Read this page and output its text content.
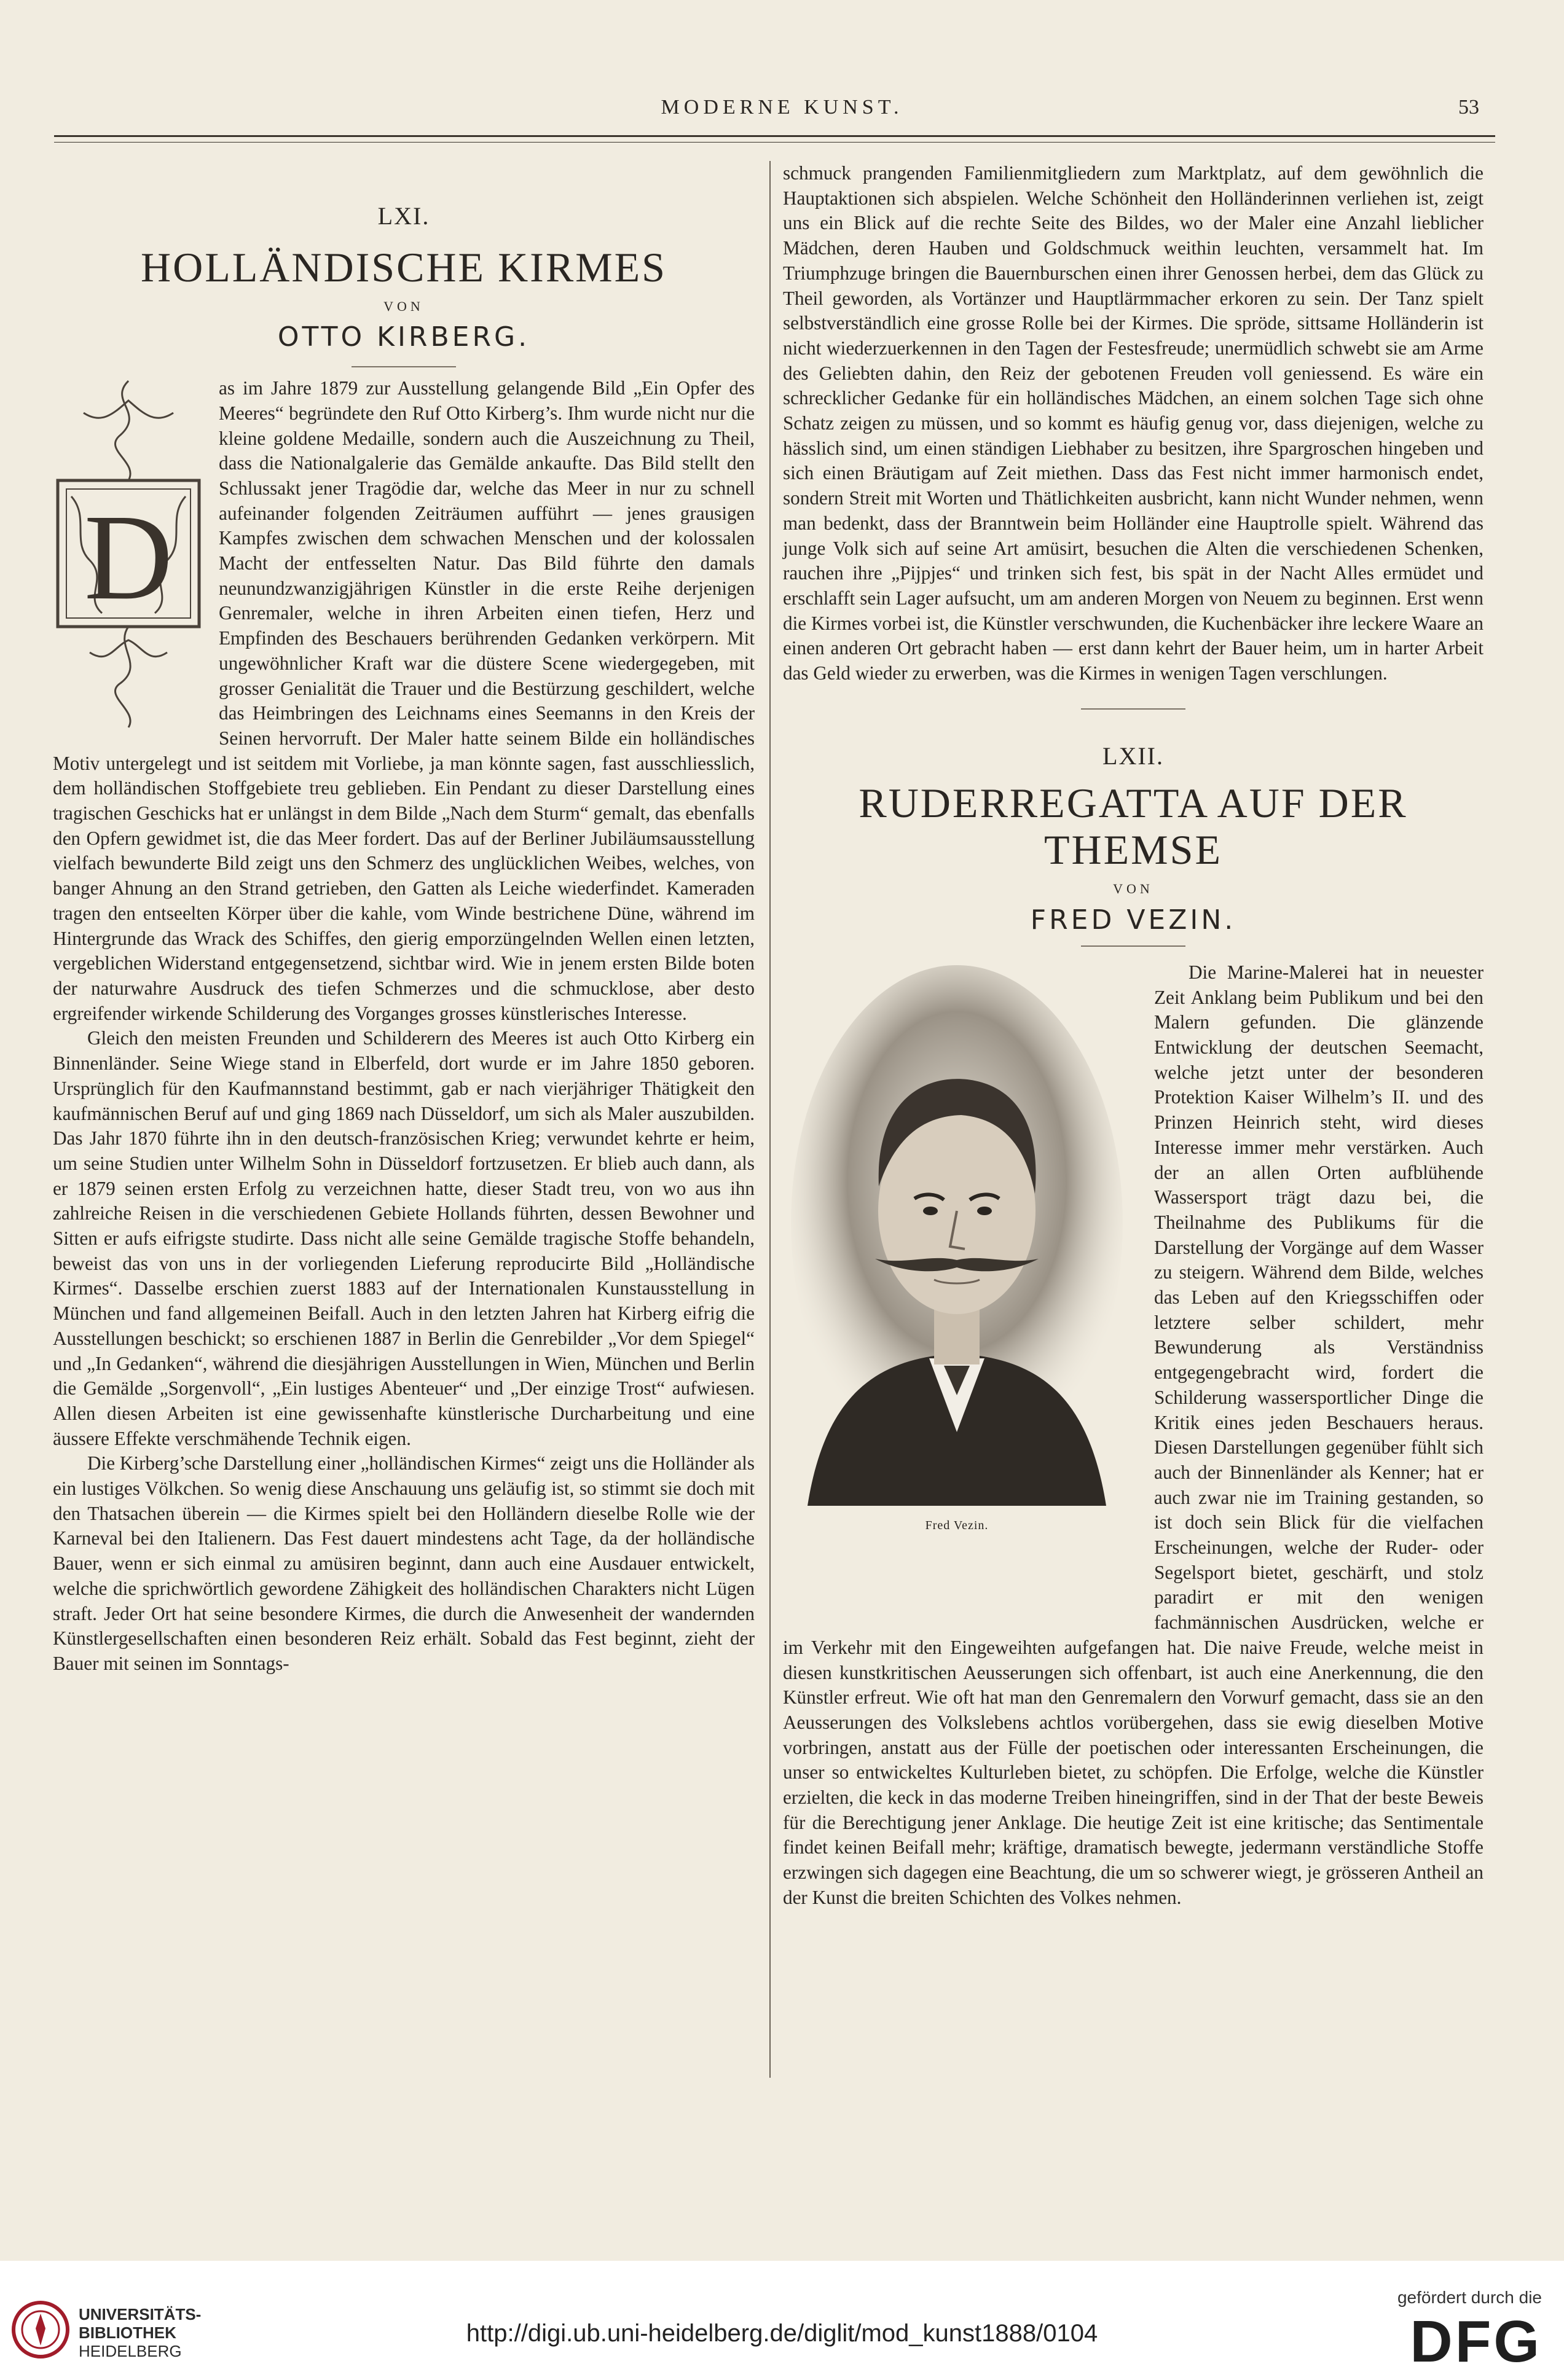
MODERNE KUNST.	53
LXI.
HOLLÄNDISCHE KIRMES
VON
OTTO KIRBERG.
D

as im Jahre 1879 zur Ausstellung gelangende Bild „Ein Opfer des Meeres“ begründete den Ruf Otto Kirberg’s. Ihm wurde nicht nur die kleine goldene Medaille, sondern auch die Auszeichnung zu Theil, dass die Nationalgalerie das Gemälde ankaufte. Das Bild stellt den Schlussakt jener Tragödie dar, welche das Meer in nur zu schnell aufeinander folgenden Zeiträumen aufführt — jenes grausigen Kampfes zwischen dem schwachen Menschen und der kolossalen Macht der entfesselten Natur. Das Bild führte den damals neunundzwanzigjährigen Künstler in die erste Reihe derjenigen Genremaler, welche in ihren Arbeiten einen tiefen, Herz und Empfinden des Beschauers berührenden Gedanken verkörpern. Mit ungewöhnlicher Kraft war die düstere Scene wiedergegeben, mit grosser Genialität die Trauer und die Bestürzung geschildert, welche das Heimbringen des Leichnams eines Seemanns in den Kreis der Seinen hervorruft. Der Maler hatte seinem Bilde ein holländisches Motiv untergelegt und ist seitdem mit Vorliebe, ja man könnte sagen, fast ausschliesslich, dem holländischen Stoffgebiete treu geblieben. Ein Pendant zu dieser Darstellung eines tragischen Geschicks hat er unlängst in dem Bilde „Nach dem Sturm“ gemalt, das ebenfalls den Opfern gewidmet ist, die das Meer fordert. Das auf der Berliner Jubiläumsausstellung vielfach bewunderte Bild zeigt uns den Schmerz des unglücklichen Weibes, welches, von banger Ahnung an den Strand getrieben, den Gatten als Leiche wiederfindet. Kameraden tragen den entseelten Körper über die kahle, vom Winde bestrichene Düne, während im Hintergrunde das Wrack des Schiffes, den gierig emporzüngelnden Wellen einen letzten, vergeblichen Widerstand entgegensetzend, sichtbar wird. Wie in jenem ersten Bilde boten der naturwahre Ausdruck des tiefen Schmerzes und die schmucklose, aber desto ergreifender wirkende Schilderung des Vorganges grosses künstlerisches Interesse.

Gleich den meisten Freunden und Schilderern des Meeres ist auch Otto Kirberg ein Binnenländer. Seine Wiege stand in Elberfeld, dort wurde er im Jahre 1850 geboren. Ursprünglich für den Kaufmannstand bestimmt, gab er nach vierjähriger Thätigkeit den kaufmännischen Beruf auf und ging 1869 nach Düsseldorf, um sich als Maler auszubilden. Das Jahr 1870 führte ihn in den deutsch-französischen Krieg; verwundet kehrte er heim, um seine Studien unter Wilhelm Sohn in Düsseldorf fortzusetzen. Er blieb auch dann, als er 1879 seinen ersten Erfolg zu verzeichnen hatte, dieser Stadt treu, von wo aus ihn zahlreiche Reisen in die verschiedenen Gebiete Hollands führten, dessen Bewohner und Sitten er aufs eifrigste studirte. Dass nicht alle seine Gemälde tragische Stoffe behandeln, beweist das von uns in der vorliegenden Lieferung reproducirte Bild „Holländische Kirmes“. Dasselbe erschien zuerst 1883 auf der Internationalen Kunstausstellung in München und fand allgemeinen Beifall. Auch in den letzten Jahren hat Kirberg eifrig die Ausstellungen beschickt; so erschienen 1887 in Berlin die Genrebilder „Vor dem Spiegel“ und „In Gedanken“, während die diesjährigen Ausstellungen in Wien, München und Berlin die Gemälde „Sorgenvoll“, „Ein lustiges Abenteuer“ und „Der einzige Trost“ aufwiesen. Allen diesen Arbeiten ist eine gewissenhafte künstlerische Durcharbeitung und eine äussere Effekte verschmähende Technik eigen.

Die Kirberg’sche Darstellung einer „holländischen Kirmes“ zeigt uns die Holländer als ein lustiges Völkchen. So wenig diese Anschauung uns geläufig ist, so stimmt sie doch mit den Thatsachen überein — die Kirmes spielt bei den Holländern dieselbe Rolle wie der Karneval bei den Italienern. Das Fest dauert mindestens acht Tage, da der holländische Bauer, wenn er sich einmal zu amüsiren beginnt, dann auch eine Ausdauer entwickelt, welche die sprichwörtlich gewordene Zähigkeit des holländischen Charakters nicht Lügen straft. Jeder Ort hat seine besondere Kirmes, die durch die Anwesenheit der wandernden Künstlergesellschaften einen besonderen Reiz erhält. Sobald das Fest beginnt, zieht der Bauer mit seinen im Sonntags-

schmuck prangenden Familienmitgliedern zum Marktplatz, auf dem gewöhnlich die Hauptaktionen sich abspielen. Welche Schönheit den Holländerinnen verliehen ist, zeigt uns ein Blick auf die rechte Seite des Bildes, wo der Maler eine Anzahl lieblicher Mädchen, deren Hauben und Goldschmuck weithin leuchten, versammelt hat. Im Triumphzuge bringen die Bauernburschen einen ihrer Genossen herbei, dem das Glück zu Theil geworden, als Vortänzer und Hauptlärmmacher erkoren zu sein. Der Tanz spielt selbstverständlich eine grosse Rolle bei der Kirmes. Die spröde, sittsame Holländerin ist nicht wiederzuerkennen in den Tagen der Festesfreude; unermüdlich schwebt sie am Arme des Geliebten dahin, den Reiz der gebotenen Freuden voll geniessend. Es wäre ein schrecklicher Gedanke für ein holländisches Mädchen, an einem solchen Tage sich ohne Schatz zeigen zu müssen, und so kommt es häufig genug vor, dass diejenigen, welche zu hässlich sind, um einen ständigen Liebhaber zu besitzen, ihre Spargroschen hingeben und sich einen Bräutigam auf Zeit miethen. Dass das Fest nicht immer harmonisch endet, sondern Streit mit Worten und Thätlichkeiten ausbricht, kann nicht Wunder nehmen, wenn man bedenkt, dass der Branntwein beim Holländer eine Hauptrolle spielt. Während das junge Volk sich auf seine Art amüsirt, besuchen die Alten die verschiedenen Schenken, rauchen ihre „Pijpjes“ und trinken sich fest, bis spät in der Nacht Alles ermüdet und erschlafft sein Lager aufsucht, um am anderen Morgen von Neuem zu beginnen. Erst wenn die Kirmes vorbei ist, die Künstler verschwunden, die Kuchenbäcker ihre leckere Waare an einen anderen Ort gebracht haben — erst dann kehrt der Bauer heim, um in harter Arbeit das Geld wieder zu erwerben, was die Kirmes in wenigen Tagen verschlungen.

LXII.
RUDERREGATTA AUF DER THEMSE
VON
FRED VEZIN.
Fred Vezin.

Die Marine-Malerei hat in neuester Zeit Anklang beim Publikum und bei den Malern gefunden. Die glänzende Entwicklung der deutschen Seemacht, welche jetzt unter der besonderen Protektion Kaiser Wilhelm’s II. und des Prinzen Heinrich steht, wird dieses Interesse immer mehr verstärken. Auch der an allen Orten aufblühende Wassersport trägt dazu bei, die Theilnahme des Publikums für die Darstellung der Vorgänge auf dem Wasser zu steigern. Während dem Bilde, welches das Leben auf den Kriegsschiffen oder letztere selber schildert, mehr Bewunderung als Verständniss entgegengebracht wird, fordert die Schilderung wassersportlicher Dinge die Kritik eines jeden Beschauers heraus. Diesen Darstellungen gegenüber fühlt sich auch der Binnenländer als Kenner; hat er auch zwar nie im Training gestanden, so ist doch sein Blick für die vielfachen Erscheinungen, welche der Ruder- oder Segelsport bietet, geschärft, und stolz paradirt er mit den wenigen fachmännischen Ausdrücken, welche er im Verkehr mit den Eingeweihten aufgefangen hat. Die naive Freude, welche meist in diesen kunstkritischen Aeusserungen sich offenbart, ist auch eine Anerkennung, die den Künstler erfreut. Wie oft hat man den Genremalern den Vorwurf gemacht, dass sie an den Aeusserungen des Volkslebens achtlos vorübergehen, dass sie ewig dieselben Motive vorbringen, anstatt aus der Fülle der poetischen oder interessanten Erscheinungen, die unser so entwickeltes Kulturleben bietet, zu schöpfen. Die Erfolge, welche die Künstler erzielten, die keck in das moderne Treiben hineingriffen, sind in der That der beste Beweis für die Berechtigung jener Anklage. Die heutige Zeit ist eine kritische; das Sentimentale findet keinen Beifall mehr; kräftige, dramatisch bewegte, jedermann verständliche Stoffe erzwingen sich dagegen eine Beachtung, die um so schwerer wiegt, je grösseren Antheil an der Kunst die breiten Schichten des Volkes nehmen.

UNIVERSITÄTS-
BIBLIOTHEK
HEIDELBERG
http://digi.ub.uni-heidelberg.de/diglit/mod_kunst1888/0104
gefördert durch die
DFG
